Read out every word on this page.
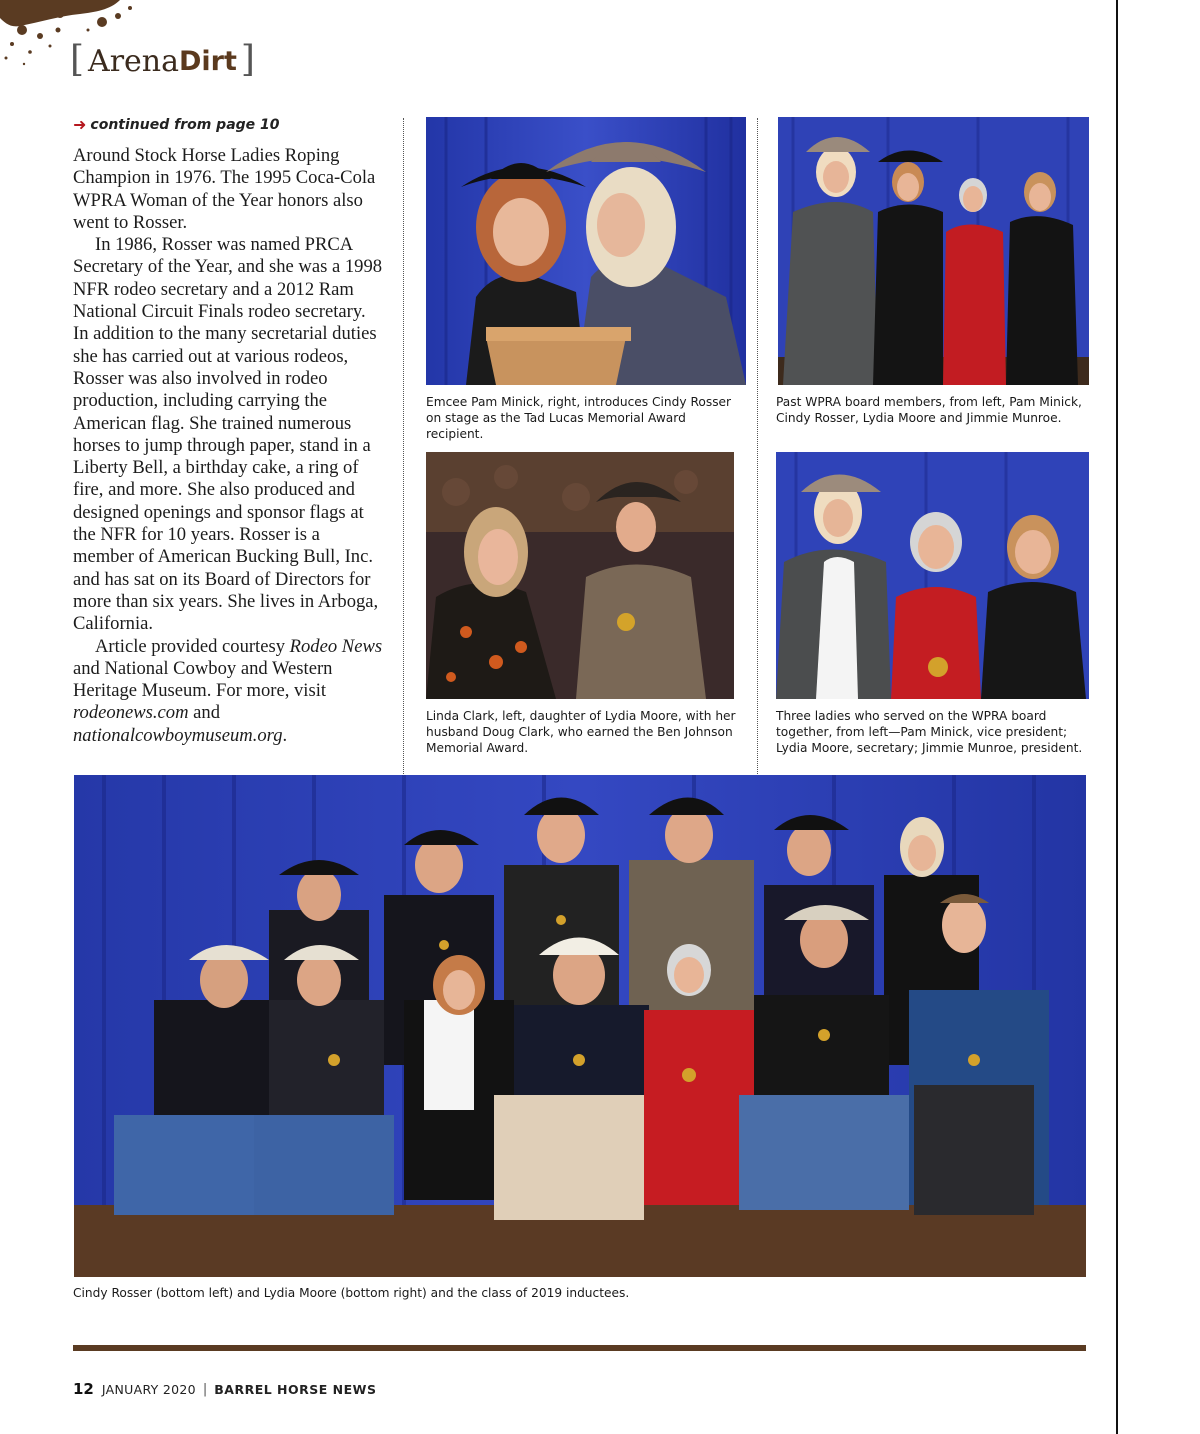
[ Arena Dirt ]
➜ continued from page 10

Around Stock Horse Ladies Roping Champion in 1976. The 1995 Coca-Cola WPRA Woman of the Year honors also went to Rosser.

In 1986, Rosser was named PRCA Secretary of the Year, and she was a 1998 NFR rodeo secretary and a 2012 Ram National Circuit Finals rodeo secretary. In addition to the many secretarial duties she has carried out at various rodeos, Rosser was also involved in rodeo production, including carrying the American flag. She trained numerous horses to jump through paper, stand in a Liberty Bell, a birthday cake, a ring of fire, and more. She also produced and designed openings and sponsor flags at the NFR for 10 years. Rosser is a member of American Bucking Bull, Inc. and has sat on its Board of Directors for more than six years. She lives in Arboga, California.

Article provided courtesy Rodeo News and National Cowboy and Western Heritage Museum. For more, visit rodeonews.com and nationalcowboymuseum.org.

Emcee Pam Minick, right, introduces Cindy Rosser on stage as the Tad Lucas Memorial Award recipient.
Past WPRA board members, from left, Pam Minick, Cindy Rosser, Lydia Moore and Jimmie Munroe.
Linda Clark, left, daughter of Lydia Moore, with her husband Doug Clark, who earned the Ben Johnson Memorial Award.
Three ladies who served on the WPRA board together, from left—Pam Minick, vice president; Lydia Moore, secretary; Jimmie Munroe, president.
Cindy Rosser (bottom left) and Lydia Moore (bottom right) and the class of 2019 inductees.
12 JANUARY 2020 | BARREL HORSE NEWS
